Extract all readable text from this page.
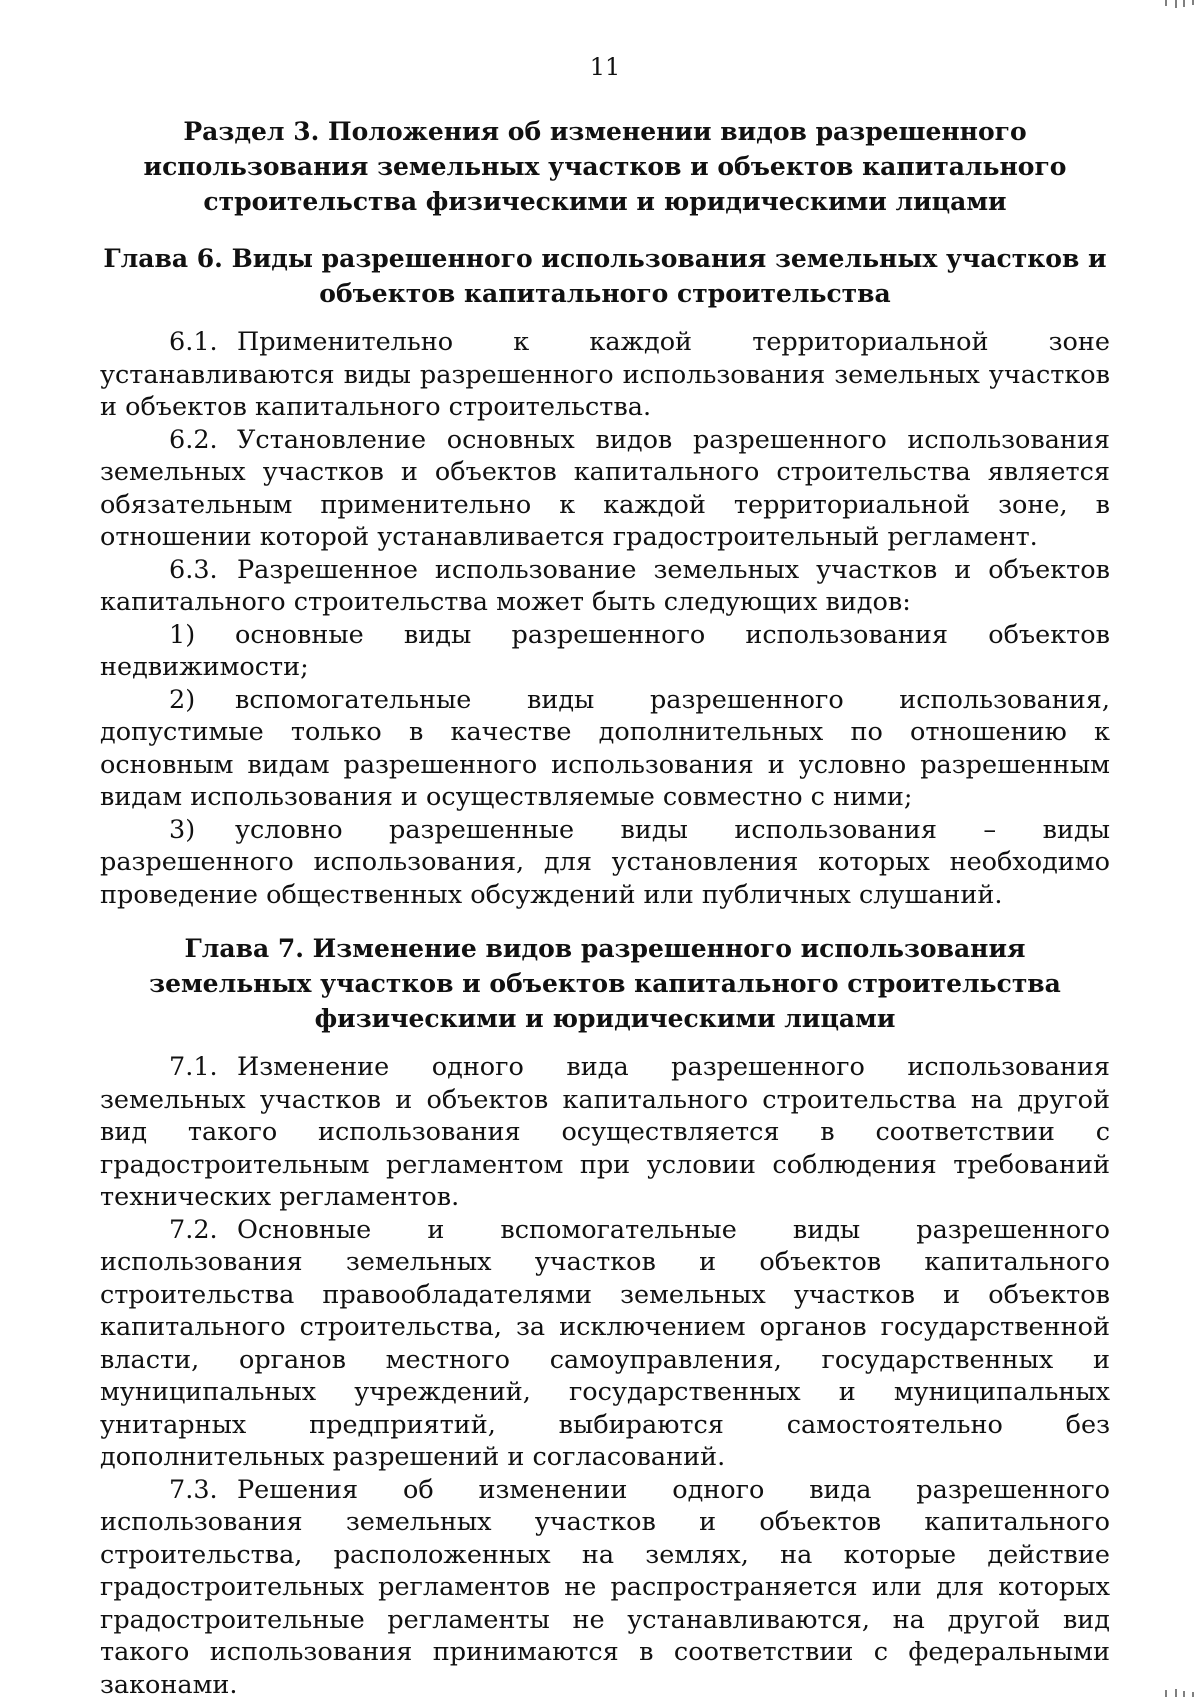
11
Раздел 3. Положения об изменении видов разрешенного использования земельных участков и объектов капитального строительства физическими и юридическими лицами
Глава 6. Виды разрешенного использования земельных участков и объектов капитального строительства

6.1. Применительно к каждой территориальной зоне устанавливаются виды разрешенного использования земельных участков и объектов капитального строительства.

6.2. Установление основных видов разрешенного использования земельных участков и объектов капитального строительства является обязательным применительно к каждой территориальной зоне, в отношении которой устанавливается градостроительный регламент.

6.3. Разрешенное использование земельных участков и объектов капитального строительства может быть следующих видов:

1) основные виды разрешенного использования объектов недвижимости;

2) вспомогательные виды разрешенного использования, допустимые только в качестве дополнительных по отношению к основным видам разрешенного использования и условно разрешенным видам использования и осуществляемые совместно с ними;

3) условно разрешенные виды использования – виды разрешенного использования, для установления которых необходимо проведение общественных обсуждений или публичных слушаний.

Глава 7. Изменение видов разрешенного использования земельных участков и объектов капитального строительства физическими и юридическими лицами

7.1. Изменение одного вида разрешенного использования земельных участков и объектов капитального строительства на другой вид такого использования осуществляется в соответствии с градостроительным регламентом при условии соблюдения требований технических регламентов.

7.2. Основные и вспомогательные виды разрешенного использования земельных участков и объектов капитального строительства правообладателями земельных участков и объектов капитального строительства, за исключением органов государственной власти, органов местного самоуправления, государственных и муниципальных учреждений, государственных и муниципальных унитарных предприятий, выбираются самостоятельно без дополнительных разрешений и согласований.

7.3. Решения об изменении одного вида разрешенного использования земельных участков и объектов капитального строительства, расположенных на землях, на которые действие градостроительных регламентов не распространяется или для которых градостроительные регламенты не устанавливаются, на другой вид такого использования принимаются в соответствии с федеральными законами.
